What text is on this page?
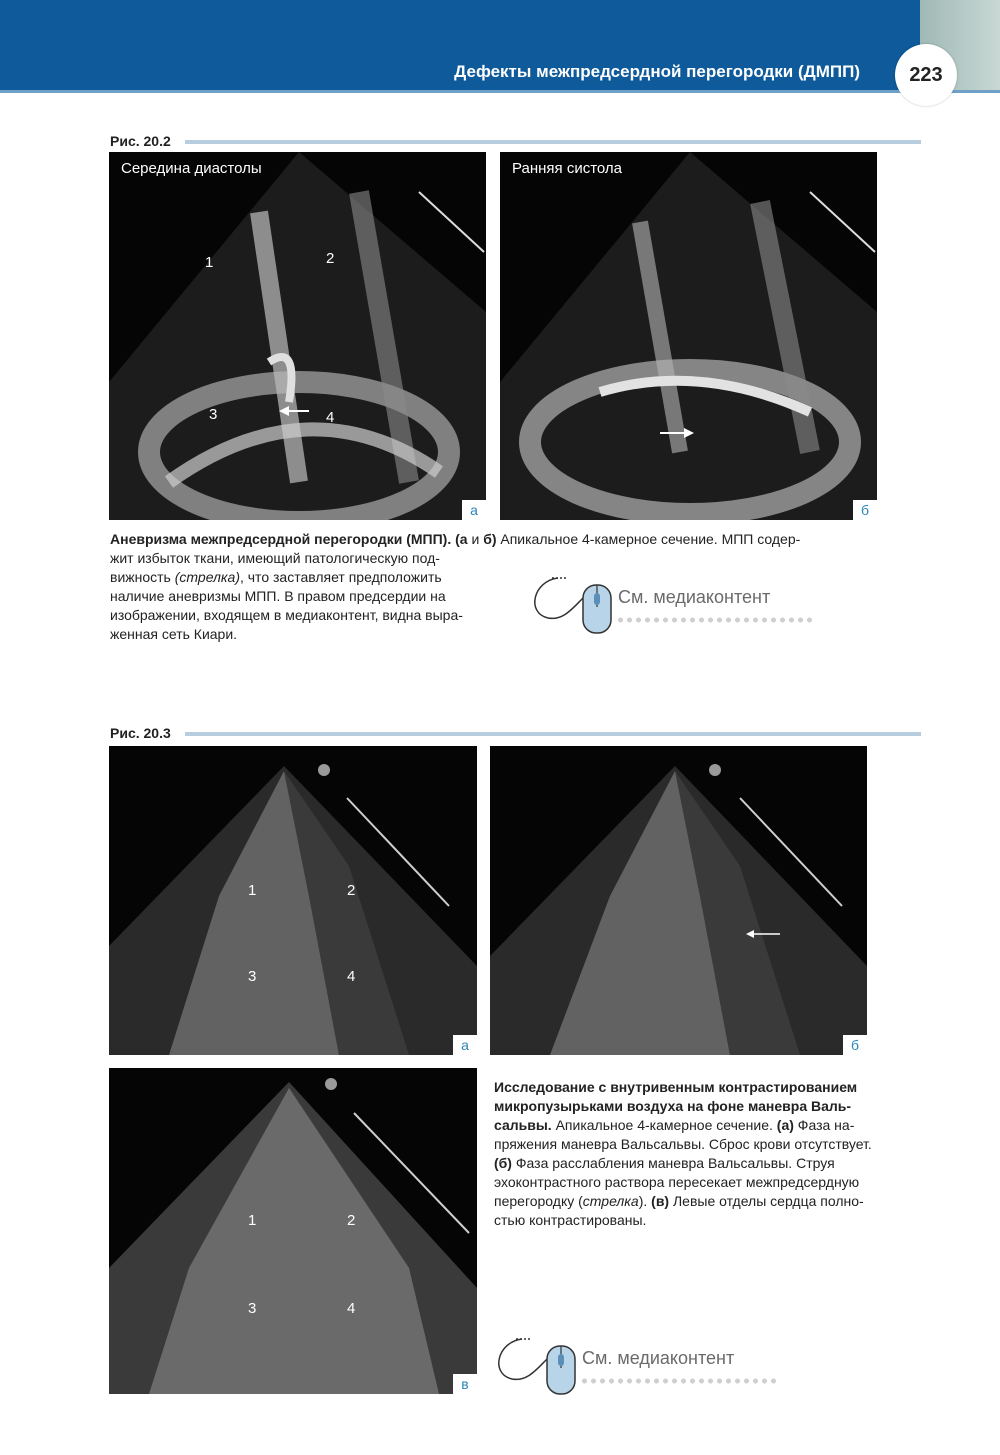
Дефекты межпредсердной перегородки (ДМПП)	223
Рис. 20.2
Середина диастолы
1	2
3	4
а
Ранняя систола
б
Аневризма межпредсердной перегородки (МПП). (а и б) Апикальное 4-камерное сечение. МПП содер-
жит избыток ткани, имеющий патологическую под-
вижность (стрелка), что заставляет предположить
наличие аневризмы МПП. В правом предсердии на
изображении, входящем в медиаконтент, видна выра-
женная сеть Киари.
См. медиаконтент
Рис. 20.3
1	2
3	4
а	б
1	2
3	4
в
Исследование с внутривенным контрастированием
микропузырьками воздуха на фоне маневра Валь-
сальвы. Апикальное 4-камерное сечение. (а) Фаза на-
пряжения маневра Вальсальвы. Сброс крови отсутствует.
(б) Фаза расслабления маневра Вальсальвы. Струя
эхоконтрастного раствора пересекает межпредсердную
перегородку (стрелка). (в) Левые отделы сердца полно-
стью контрастированы.
См. медиаконтент
